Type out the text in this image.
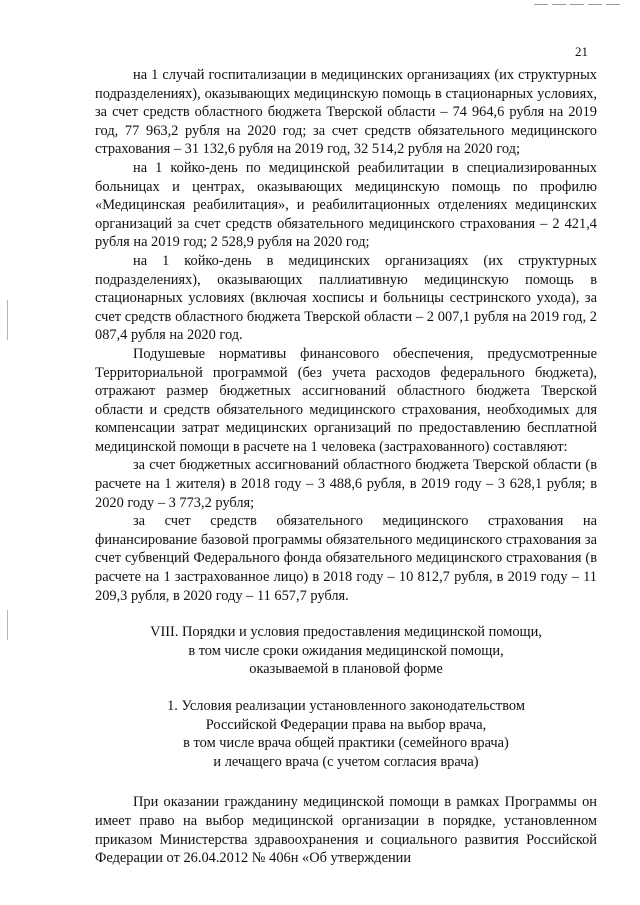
21

на 1 случай госпитализации в медицинских организациях (их структурных подразделениях), оказывающих медицинскую помощь в стационарных условиях, за счет средств областного бюджета Тверской области – 74 964,6 рубля на 2019 год, 77 963,2 рубля на 2020 год; за счет средств обязательного медицинского страхования – 31 132,6 рубля на 2019 год, 32 514,2 рубля на 2020 год;

на 1 койко-день по медицинской реабилитации в специализированных больницах и центрах, оказывающих медицинскую помощь по профилю «Медицинская реабилитация», и реабилитационных отделениях медицинских организаций за счет средств обязательного медицинского страхования – 2 421,4 рубля на 2019 год; 2 528,9 рубля на 2020 год;

на 1 койко-день в медицинских организациях (их структурных подразделениях), оказывающих паллиативную медицинскую помощь в стационарных условиях (включая хосписы и больницы сестринского ухода), за счет средств областного бюджета Тверской области – 2 007,1 рубля на 2019 год, 2 087,4 рубля на 2020 год.

Подушевые нормативы финансового обеспечения, предусмотренные Территориальной программой (без учета расходов федерального бюджета), отражают размер бюджетных ассигнований областного бюджета Тверской области и средств обязательного медицинского страхования, необходимых для компенсации затрат медицинских организаций по предоставлению бесплатной медицинской помощи в расчете на 1 человека (застрахованного) составляют:

за счет бюджетных ассигнований областного бюджета Тверской области (в расчете на 1 жителя) в 2018 году – 3 488,6 рубля, в 2019 году – 3 628,1 рубля; в 2020 году – 3 773,2 рубля;

за счет средств обязательного медицинского страхования на финансирование базовой программы обязательного медицинского страхования за счет субвенций Федерального фонда обязательного медицинского страхования (в расчете на 1 застрахованное лицо) в 2018 году – 10 812,7 рубля, в 2019 году – 11 209,3 рубля, в 2020 году – 11 657,7 рубля.

VIII. Порядки и условия предоставления медицинской помощи,
в том числе сроки ожидания медицинской помощи,
оказываемой в плановой форме
1. Условия реализации установленного законодательством
Российской Федерации права на выбор врача,
в том числе врача общей практики (семейного врача)
и лечащего врача (с учетом согласия врача)

При оказании гражданину медицинской помощи в рамках Программы он имеет право на выбор медицинской организации в порядке, установленном приказом Министерства здравоохранения и социального развития Российской Федерации от 26.04.2012 № 406н «Об утверждении
